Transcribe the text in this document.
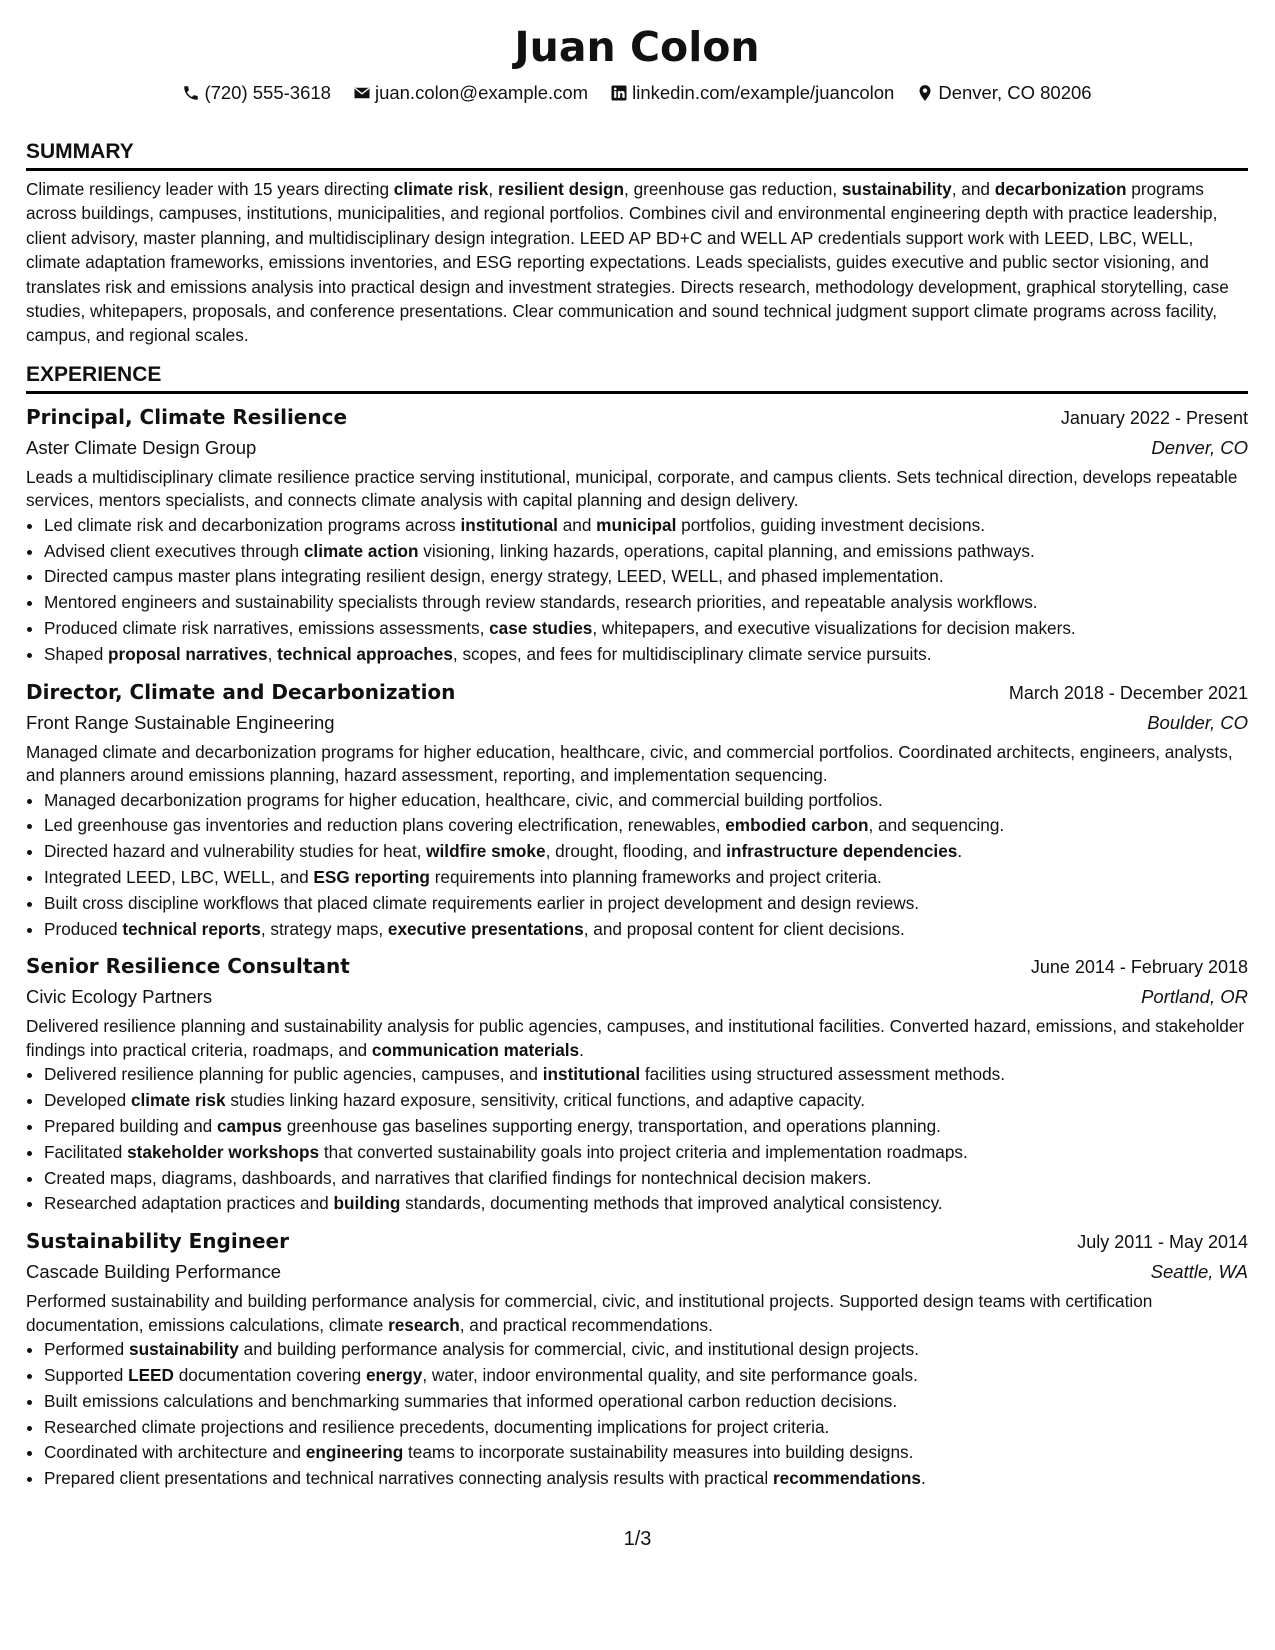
Juan Colon
(720) 555-3618 juan.colon@example.com linkedin.com/example/juancolon Denver, CO 80206
SUMMARY
Climate resiliency leader with 15 years directing climate risk, resilient design, greenhouse gas reduction, sustainability, and decarbonization programs across buildings, campuses, institutions, municipalities, and regional portfolios. Combines civil and environmental engineering depth with practice leadership, client advisory, master planning, and multidisciplinary design integration. LEED AP BD+C and WELL AP credentials support work with LEED, LBC, WELL, climate adaptation frameworks, emissions inventories, and ESG reporting expectations. Leads specialists, guides executive and public sector visioning, and translates risk and emissions analysis into practical design and investment strategies. Directs research, methodology development, graphical storytelling, case studies, whitepapers, proposals, and conference presentations. Clear communication and sound technical judgment support climate programs across facility, campus, and regional scales.
EXPERIENCE
Principal, Climate Resilience	January 2022 - Present
Aster Climate Design Group	Denver, CO
Leads a multidisciplinary climate resilience practice serving institutional, municipal, corporate, and campus clients. Sets technical direction, develops repeatable services, mentors specialists, and connects climate analysis with capital planning and design delivery.
• Led climate risk and decarbonization programs across institutional and municipal portfolios, guiding investment decisions.
• Advised client executives through climate action visioning, linking hazards, operations, capital planning, and emissions pathways.
• Directed campus master plans integrating resilient design, energy strategy, LEED, WELL, and phased implementation.
• Mentored engineers and sustainability specialists through review standards, research priorities, and repeatable analysis workflows.
• Produced climate risk narratives, emissions assessments, case studies, whitepapers, and executive visualizations for decision makers.
• Shaped proposal narratives, technical approaches, scopes, and fees for multidisciplinary climate service pursuits.
Director, Climate and Decarbonization	March 2018 - December 2021
Front Range Sustainable Engineering	Boulder, CO
Managed climate and decarbonization programs for higher education, healthcare, civic, and commercial portfolios. Coordinated architects, engineers, analysts, and planners around emissions planning, hazard assessment, reporting, and implementation sequencing.
• Managed decarbonization programs for higher education, healthcare, civic, and commercial building portfolios.
• Led greenhouse gas inventories and reduction plans covering electrification, renewables, embodied carbon, and sequencing.
• Directed hazard and vulnerability studies for heat, wildfire smoke, drought, flooding, and infrastructure dependencies.
• Integrated LEED, LBC, WELL, and ESG reporting requirements into planning frameworks and project criteria.
• Built cross discipline workflows that placed climate requirements earlier in project development and design reviews.
• Produced technical reports, strategy maps, executive presentations, and proposal content for client decisions.
Senior Resilience Consultant	June 2014 - February 2018
Civic Ecology Partners	Portland, OR
Delivered resilience planning and sustainability analysis for public agencies, campuses, and institutional facilities. Converted hazard, emissions, and stakeholder findings into practical criteria, roadmaps, and communication materials.
• Delivered resilience planning for public agencies, campuses, and institutional facilities using structured assessment methods.
• Developed climate risk studies linking hazard exposure, sensitivity, critical functions, and adaptive capacity.
• Prepared building and campus greenhouse gas baselines supporting energy, transportation, and operations planning.
• Facilitated stakeholder workshops that converted sustainability goals into project criteria and implementation roadmaps.
• Created maps, diagrams, dashboards, and narratives that clarified findings for nontechnical decision makers.
• Researched adaptation practices and building standards, documenting methods that improved analytical consistency.
Sustainability Engineer	July 2011 - May 2014
Cascade Building Performance	Seattle, WA
Performed sustainability and building performance analysis for commercial, civic, and institutional projects. Supported design teams with certification documentation, emissions calculations, climate research, and practical recommendations.
• Performed sustainability and building performance analysis for commercial, civic, and institutional design projects.
• Supported LEED documentation covering energy, water, indoor environmental quality, and site performance goals.
• Built emissions calculations and benchmarking summaries that informed operational carbon reduction decisions.
• Researched climate projections and resilience precedents, documenting implications for project criteria.
• Coordinated with architecture and engineering teams to incorporate sustainability measures into building designs.
• Prepared client presentations and technical narratives connecting analysis results with practical recommendations.
1/3
